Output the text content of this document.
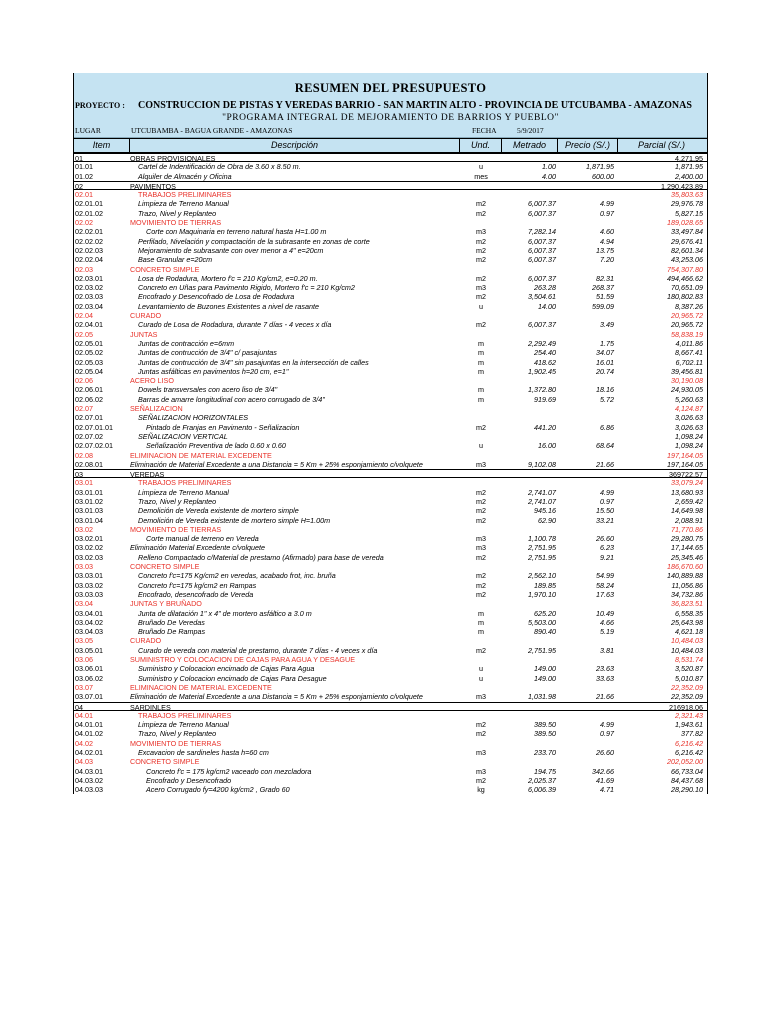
RESUMEN DEL PRESUPUESTO
PROYECTO :	CONSTRUCCION DE PISTAS Y VEREDAS BARRIO - SAN MARTIN ALTO - PROVINCIA DE UTCUBAMBA - AMAZONAS
"PROGRAMA INTEGRAL DE MEJORAMIENTO DE BARRIOS Y PUEBLO"
LUGAR	UTCUBAMBA - BAGUA GRANDE - AMAZONAS	FECHA	5/9/2017
Item	Descripción	Und.	Metrado	Precio (S/.)	Parcial (S/.)
01	OBRAS PROVISIONALES	4,271.95
01.01	Cartel de Indentificación de Obra de 3.60 x 8.50 m.	u	1.00	1,871.95	1,871.95
01.02	Alquiler de Almacén y Oficina	mes	4.00	600.00	2,400.00
02	PAVIMENTOS	1,290,423.89
02.01	TRABAJOS PRELIMINARES	35,803.63
02.01.01	Limpieza de Terreno Manual	m2	6,007.37	4.99	29,976.78
02.01.02	Trazo, Nivel y Replanteo	m2	6,007.37	0.97	5,827.15
02.02	MOVIMIENTO DE TIERRAS	189,028.65
02.02.01	Corte con Maquinaria en terreno natural hasta H=1.00 m	m3	7,282.14	4.60	33,497.84
02.02.02	Perfilado, Nivelación y compactación de la subrasante en zonas de corte	m2	6,007.37	4.94	29,676.41
02.02.03	Mejoramiento de subrasante con over menor a 4" e=20cm	m2	6,007.37	13.75	82,601.34
02.02.04	Base Granular e=20cm	m2	6,007.37	7.20	43,253.06
02.03	CONCRETO SIMPLE	754,307.80
02.03.01	Losa de Rodadura, Mortero f'c = 210 Kg/cm2, e=0.20 m.	m2	6,007.37	82.31	494,466.62
02.03.02	Concreto en Uñas para Pavimento Rigido, Mortero f'c = 210 Kg/cm2	m3	263.28	268.37	70,651.09
02.03.03	Encofrado y Desencofrado de Losa de Rodadura	m2	3,504.61	51.59	180,802.83
02.03.04	Levantamiento de Buzones Existentes a nivel de rasante	u	14.00	599.09	8,387.26
02.04	CURADO	20,965.72
02.04.01	Curado de Losa de Rodadura, durante 7 días - 4 veces x día	m2	6,007.37	3.49	20,965.72
02.05	JUNTAS	58,838.19
02.05.01	Juntas de contracción e=6mm	m	2,292.49	1.75	4,011.86
02.05.02	Juntas de contrucción de 3/4" c/ pasajuntas	m	254.40	34.07	8,667.41
02.05.03	Juntas de contrucción de 3/4" sin pasajuntas en la intersección de calles	m	418.62	16.01	6,702.11
02.05.04	Juntas asfálticas en pavimentos h=20 cm, e=1"	m	1,902.45	20.74	39,456.81
02.06	ACERO LISO	30,190.08
02.06.01	Dowels transversales con acero liso de 3/4"	m	1,372.80	18.16	24,930.05
02.06.02	Barras de amarre longitudinal con acero corrugado de 3/4"	m	919.69	5.72	5,260.63
02.07	SEÑALIZACION	4,124.87
02.07.01	SEÑALIZACION HORIZONTALES	3,026.63
02.07.01.01	Pintado de Franjas en Pavimento - Señalizacion	m2	441.20	6.86	3,026.63
02.07.02	SEÑALIZACION VERTICAL	1,098.24
02.07.02.01	Señalización Preventiva de lado 0.60 x 0.60	u	16.00	68.64	1,098.24
02.08	ELIMINACION DE MATERIAL EXCEDENTE	197,164.05
02.08.01	Eliminación de Material Excedente a una Distancia = 5 Km + 25% esponjamiento c/volquete	m3	9,102.08	21.66	197,164.05
03	VEREDAS	369722.57
03.01	TRABAJOS PRELIMINARES	33,079.24
03.01.01	Limpieza de Terreno Manual	m2	2,741.07	4.99	13,680.93
03.01.02	Trazo, Nivel y Replanteo	m2	2,741.07	0.97	2,659.42
03.01.03	Demolición de Vereda existente de mortero simple	m2	945.16	15.50	14,649.98
03.01.04	Demolición de Vereda existente de mortero simple H=1.00m	m2	62.90	33.21	2,088.91
03.02	MOVIMIENTO DE TIERRAS	71,770.86
03.02.01	Corte manual de terreno en Vereda	m3	1,100.78	26.60	29,280.75
03.02.02	Eliminación Material Excedente c/volquete	m3	2,751.95	6.23	17,144.65
03.02.03	Relleno Compactado c/Material de prestamo (Afirmado) para base de vereda	m2	2,751.95	9.21	25,345.46
03.03	CONCRETO SIMPLE	186,670.60
03.03.01	Concreto f'c=175 Kg/cm2 en veredas, acabado frot, inc. bruña	m2	2,562.10	54.99	140,889.88
03.03.02	Concreto f'c=175 kg/cm2 en Rampas	m2	189.85	58.24	11,056.86
03.03.03	Encofrado, desencofrado de Vereda	m2	1,970.10	17.63	34,732.86
03.04	JUNTAS Y BRUÑADO	36,823.51
03.04.01	Junta de dilatación 1" x 4" de mortero asfáltico a 3.0 m	m	625.20	10.49	6,558.35
03.04.02	Bruñado De Veredas	m	5,503.00	4.66	25,643.98
03.04.03	Bruñado De Rampas	m	890.40	5.19	4,621.18
03.05	CURADO	10,484.03
03.05.01	Curado de vereda con material de prestamo, durante 7 días - 4 veces x día	m2	2,751.95	3.81	10,484.03
03.06	SUMINISTRO Y COLOCACION DE CAJAS PARA AGUA Y DESAGUE	8,531.74
03.06.01	Suministro y Colocacion encimado de Cajas Para Agua	u	149.00	23.63	3,520.87
03.06.02	Suministro y Colocacion encimado de Cajas Para Desague	u	149.00	33.63	5,010.87
03.07	ELIMINACION DE MATERIAL EXCEDENTE	22,352.09
03.07.01	Eliminación de Material Excedente a una Distancia = 5 Km + 25% esponjamiento c/volquete	m3	1,031.98	21.66	22,352.09
04	SARDINLES	216918.06
04.01	TRABAJOS PRELIMINARES	2,321.43
04.01.01	Limpieza de Terreno Manual	m2	389.50	4.99	1,943.61
04.01.02	Trazo, Nivel y Replanteo	m2	389.50	0.97	377.82
04.02	MOVIMIENTO DE TIERRAS	6,216.42
04.02.01	Excavacion de sardineles hasta h=60 cm	m3	233.70	26.60	6,216.42
04.03	CONCRETO SIMPLE	202,052.00
04.03.01	Concreto f'c = 175 kg/cm2 vaceado con mezcladora	m3	194.75	342.66	66,733.04
04.03.02	Encofrado y Desencofrado	m2	2,025.37	41.69	84,437.68
04.03.03	Acero Corrugado fy=4200 kg/cm2 , Grado 60	kg	6,006.39	4.71	28,290.10
